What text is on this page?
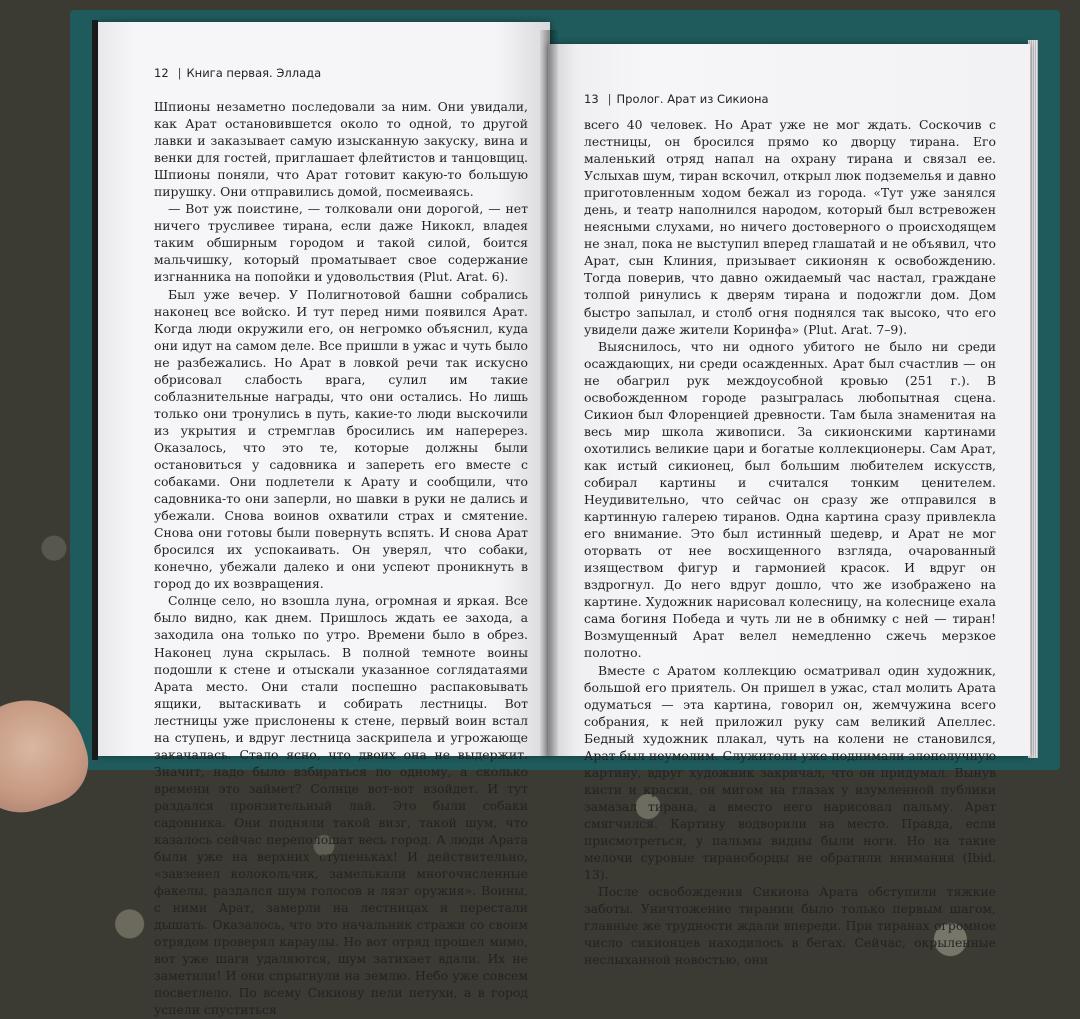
12 | Книга первая. Эллада

Шпионы незаметно последовали за ним. Они увидали, как Арат остановившется около то одной, то другой лавки и заказывает самую изысканную закуску, вина и венки для гостей, приглашает флейтистов и танцовщиц. Шпионы поняли, что Арат готовит какую-то большую пирушку. Они отправились домой, посмеиваясь.

— Вот уж поистине, — толковали они дорогой, — нет ничего трусливее тирана, если даже Никокл, владея таким обширным городом и такой силой, боится мальчишку, который проматывает свое содержание изгнанника на попойки и удовольствия (Plut. Arat. 6).

Был уже вечер. У Полигнотовой башни собрались наконец все войско. И тут перед ними появился Арат. Когда люди окружили его, он негромко объяснил, куда они идут на самом деле. Все пришли в ужас и чуть было не разбежались. Но Арат в ловкой речи так искусно обрисовал слабость врага, сулил им такие соблазнительные награды, что они остались. Но лишь только они тронулись в путь, какие-то люди выскочили из укрытия и стремглав бросились им наперерез. Оказалось, что это те, которые должны были остановиться у садовника и запереть его вместе с собаками. Они подлетели к Арату и сообщили, что садовника-то они заперли, но шавки в руки не дались и убежали. Снова воинов охватили страх и смятение. Снова они готовы были повернуть вспять. И снова Арат бросился их успокаивать. Он уверял, что собаки, конечно, убежали далеко и они успеют проникнуть в город до их возвращения.

Солнце село, но взошла луна, огромная и яркая. Все было видно, как днем. Пришлось ждать ее захода, а заходила она только по утро. Времени было в обрез. Наконец луна скрылась. В полной темноте воины подошли к стене и отыскали указанное соглядатаями Арата место. Они стали поспешно распаковывать ящики, вытаскивать и собирать лестницы. Вот лестницы уже прислонены к стене, первый воин встал на ступень, и вдруг лестница заскрипела и угрожающе закачалась. Стало ясно, что двоих она не выдержит. Значит, надо было взбираться по одному, а сколько времени это займет? Солнце вот-вот взойдет. И тут раздался пронзительный лай. Это были собаки садовника. Они подняли такой визг, такой шум, что казалось сейчас переполошат весь город. А люди Арата были уже на верхних ступеньках! И действительно, «завзенел колокольчик, замелькали многочисленные факелы, раздался шум голосов и лязг оружия». Воины, с ними Арат, замерли на лестницах и перестали дышать. Оказалось, что это начальник стражи со своим отрядом проверял караулы. Но вот отряд прошел мимо, вот уже шаги удаляются, шум затихает вдали. Их не заметили! И они спрыгнули на землю. Небо уже совсем посветлело. По всему Сикиону пели петухи, а в город успели спуститься

13 | Пролог. Арат из Сикиона

всего 40 человек. Но Арат уже не мог ждать. Соскочив с лестницы, он бросился прямо ко дворцу тирана. Его маленький отряд напал на охрану тирана и связал ее. Услыхав шум, тиран вскочил, открыл люк подземелья и давно приготовленным ходом бежал из города. «Тут уже занялся день, и театр наполнился народом, который был встревожен неясными слухами, но ничего достоверного о происходящем не знал, пока не выступил вперед глашатай и не объявил, что Арат, сын Клиния, призывает сикионян к освобождению. Тогда поверив, что давно ожидаемый час настал, граждане толпой ринулись к дверям тирана и подожгли дом. Дом быстро запылал, и столб огня поднялся так высоко, что его увидели даже жители Коринфа» (Plut. Arat. 7–9).

Выяснилось, что ни одного убитого не было ни среди осаждающих, ни среди осажденных. Арат был счастлив — он не обагрил рук междоусобной кровью (251 г.). В освобожденном городе разыгралась любопытная сцена. Сикион был Флоренцией древности. Там была знаменитая на весь мир школа живописи. За сикионскими картинами охотились великие цари и богатые коллекционеры. Сам Арат, как истый сикионец, был большим любителем искусств, собирал картины и считался тонким ценителем. Неудивительно, что сейчас он сразу же отправился в картинную галерею тиранов. Одна картина сразу привлекла его внимание. Это был истинный шедевр, и Арат не мог оторвать от нее восхищенного взгляда, очарованный изяществом фигур и гармонией красок. И вдруг он вздрогнул. До него вдруг дошло, что же изображено на картине. Художник нарисовал колесницу, на колеснице ехала сама богиня Победа и чуть ли не в обнимку с ней — тиран! Возмущенный Арат велел немедленно сжечь мерзкое полотно.

Вместе с Аратом коллекцию осматривал один художник, большой его приятель. Он пришел в ужас, стал молить Арата одуматься — эта картина, говорил он, жемчужина всего собрания, к ней приложил руку сам великий Апеллес. Бедный художник плакал, чуть на колени не становился, Арат был неумолим. Служители уже поднимали злополучную картину, вдруг художник закричал, что он придумал. Вынув кисти и краски, он мигом на глазах у изумленной публики замазал тирана, а вместо него нарисовал пальму. Арат смягчился. Картину водворили на место. Правда, если присмотреться, у пальмы видны были ноги. Но на такие мелочи суровые тираноборцы не обратили внимания (Ibid. 13).

После освобождения Сикиона Арата обступили тяжкие заботы. Уничтожение тирании было только первым шагом, главные же трудности ждали впереди. При тиранах огромное число сикионцев находилось в бегах. Сейчас, окрыленные неслыханной новостью, они
